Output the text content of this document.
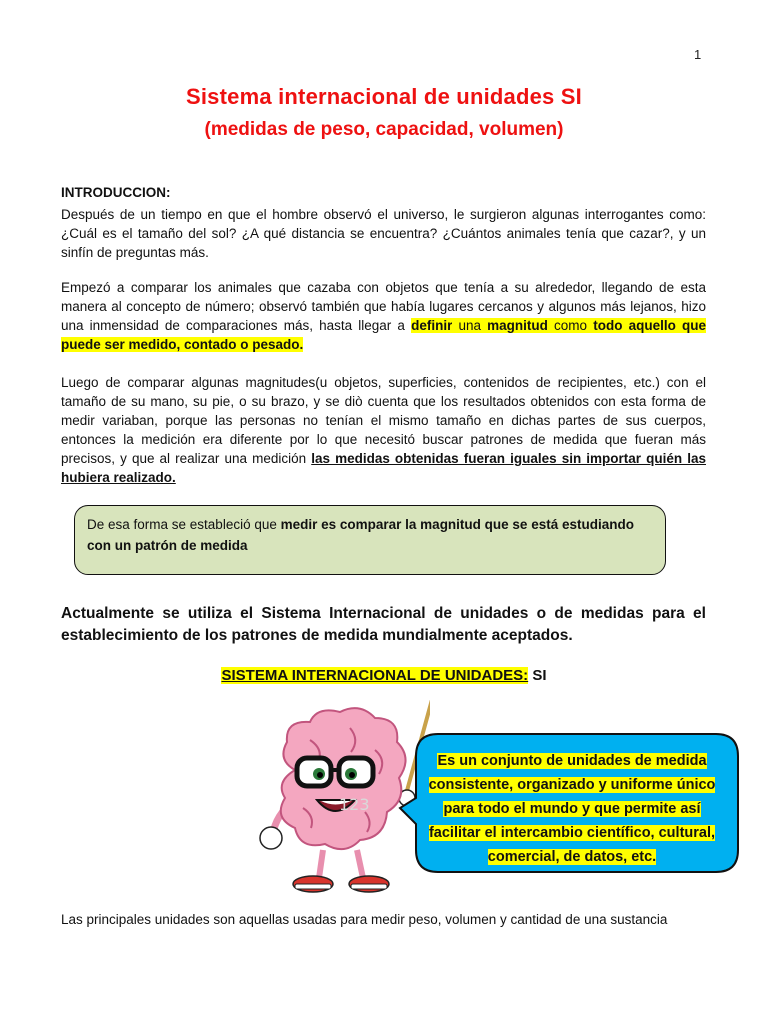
1
Sistema internacional de unidades SI
(medidas de peso, capacidad, volumen)
INTRODUCCION:
Después de un tiempo en que el hombre observó el universo, le surgieron algunas interrogantes como: ¿Cuál es el tamaño del sol? ¿A qué distancia se encuentra? ¿Cuántos animales tenía que cazar?, y un sinfín de preguntas más.
Empezó a comparar los animales que cazaba con objetos que tenía a su alrededor, llegando de esta manera al concepto de número; observó también que había lugares cercanos y algunos más lejanos, hizo una inmensidad de comparaciones más, hasta llegar a definir una magnitud como todo aquello que puede ser medido, contado o pesado.
Luego de comparar algunas magnitudes(u objetos, superficies, contenidos de recipientes, etc.) con el tamaño de su mano, su pie, o su brazo, y se diò cuenta que los resultados obtenidos con esta forma de medir variaban, porque las personas no tenían el mismo tamaño en dichas partes de sus cuerpos, entonces la medición era diferente por lo que necesitó buscar patrones de medida que fueran más precisos, y que al realizar una medición las medidas obtenidas fueran iguales sin importar quién las hubiera realizado.
De esa forma se estableció que medir es comparar la magnitud que se está estudiando con un patrón de medida
Actualmente se utiliza el Sistema Internacional de unidades o de medidas para el establecimiento de los patrones de medida mundialmente aceptados.
SISTEMA INTERNACIONAL DE UNIDADES: SI
123
Es un conjunto de unidades de medida consistente, organizado y uniforme único para todo el mundo y que permite así facilitar el intercambio científico, cultural, comercial, de datos, etc.
Las principales unidades son aquellas usadas para medir peso, volumen y cantidad de una sustancia
